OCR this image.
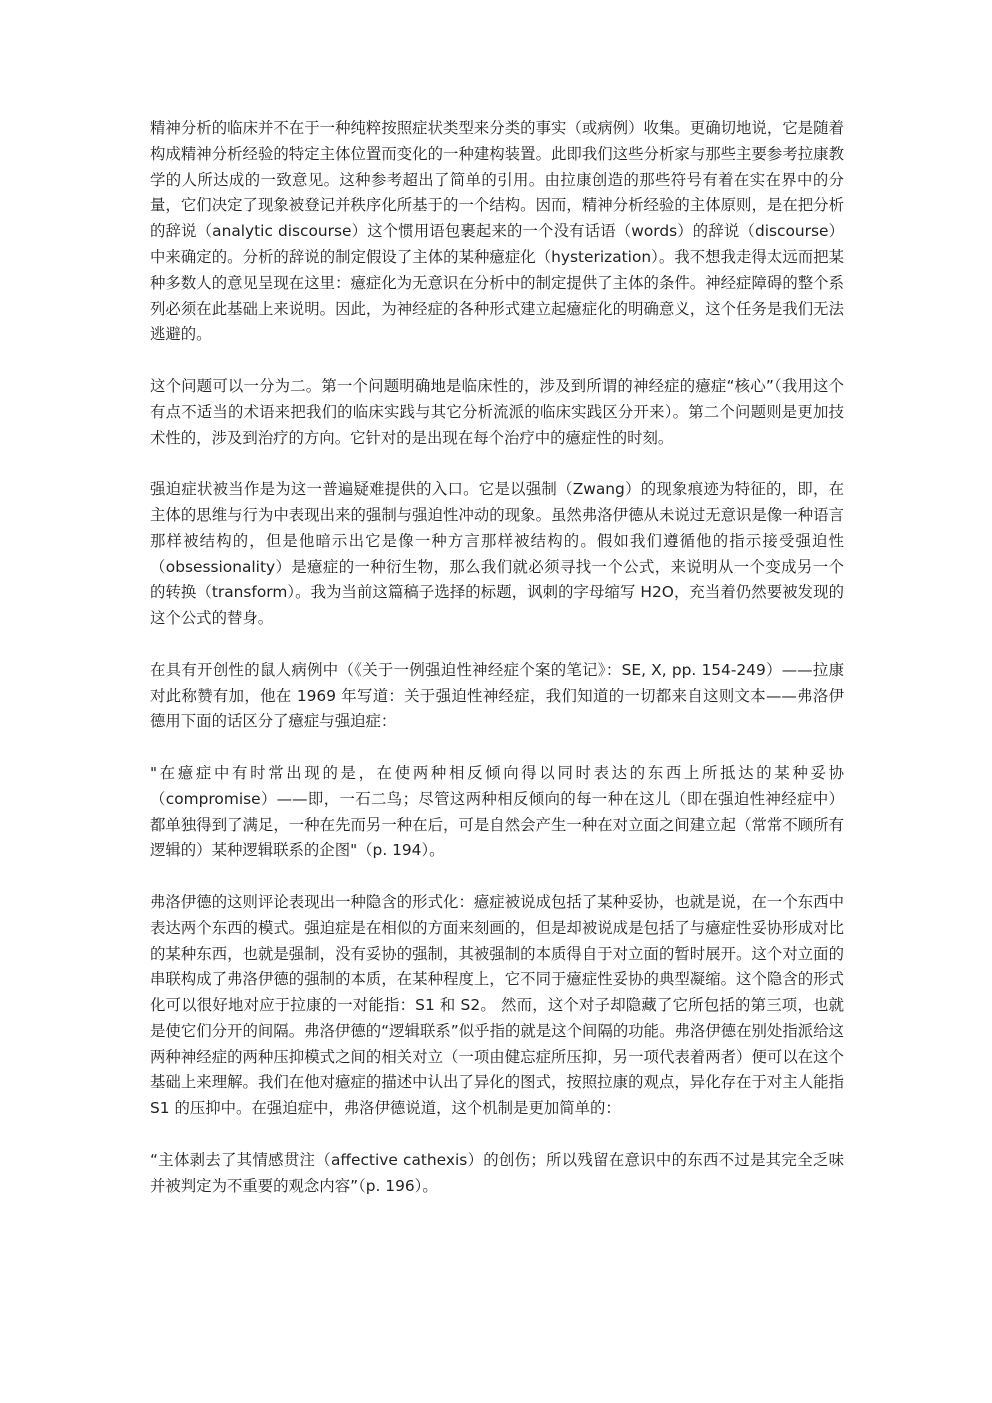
精神分析的临床并不在于一种纯粹按照症状类型来分类的事实（或病例）收集。更确切地说，它是随着构成精神分析经验的特定主体位置而变化的一种建构装置。此即我们这些分析家与那些主要参考拉康教学的人所达成的一致意见。这种参考超出了简单的引用。由拉康创造的那些符号有着在实在界中的分量，它们决定了现象被登记并秩序化所基于的一个结构。因而，精神分析经验的主体原则，是在把分析的辞说（analytic discourse）这个惯用语包裹起来的一个没有话语（words）的辞说（discourse）中来确定的。分析的辞说的制定假设了主体的某种癔症化（hysterization）。我不想我走得太远而把某种多数人的意见呈现在这里：癔症化为无意识在分析中的制定提供了主体的条件。神经症障碍的整个系列必须在此基础上来说明。因此，为神经症的各种形式建立起癔症化的明确意义，这个任务是我们无法逃避的。

这个问题可以一分为二。第一个问题明确地是临床性的，涉及到所谓的神经症的癔症“核心”（我用这个有点不适当的术语来把我们的临床实践与其它分析流派的临床实践区分开来）。第二个问题则是更加技术性的，涉及到治疗的方向。它针对的是出现在每个治疗中的癔症性的时刻。

强迫症状被当作是为这一普遍疑难提供的入口。它是以强制（Zwang）的现象痕迹为特征的，即，在主体的思维与行为中表现出来的强制与强迫性冲动的现象。虽然弗洛伊德从未说过无意识是像一种语言那样被结构的，但是他暗示出它是像一种方言那样被结构的。假如我们遵循他的指示接受强迫性（obsessionality）是癔症的一种衍生物，那么我们就必须寻找一个公式，来说明从一个变成另一个的转换（transform）。我为当前这篇稿子选择的标题，讽刺的字母缩写 H2O，充当着仍然要被发现的这个公式的替身。

在具有开创性的鼠人病例中（《关于一例强迫性神经症个案的笔记》：SE, X, pp. 154-249）——拉康对此称赞有加，他在 1969 年写道：关于强迫性神经症，我们知道的一切都来自这则文本——弗洛伊德用下面的话区分了癔症与强迫症：

"在癔症中有时常出现的是，在使两种相反倾向得以同时表达的东西上所抵达的某种妥协（compromise）——即，一石二鸟；尽管这两种相反倾向的每一种在这儿（即在强迫性神经症中）都单独得到了满足，一种在先而另一种在后，可是自然会产生一种在对立面之间建立起（常常不顾所有逻辑的）某种逻辑联系的企图"（p. 194）。

弗洛伊德的这则评论表现出一种隐含的形式化：癔症被说成包括了某种妥协，也就是说，在一个东西中表达两个东西的模式。强迫症是在相似的方面来刻画的，但是却被说成是包括了与癔症性妥协形成对比的某种东西，也就是强制，没有妥协的强制，其被强制的本质得自于对立面的暂时展开。这个对立面的串联构成了弗洛伊德的强制的本质，在某种程度上，它不同于癔症性妥协的典型凝缩。这个隐含的形式化可以很好地对应于拉康的一对能指：S1 和 S2。 然而，这个对子却隐藏了它所包括的第三项，也就是使它们分开的间隔。弗洛伊德的“逻辑联系”似乎指的就是这个间隔的功能。弗洛伊德在别处指派给这两种神经症的两种压抑模式之间的相关对立（一项由健忘症所压抑，另一项代表着两者）便可以在这个基础上来理解。我们在他对癔症的描述中认出了异化的图式，按照拉康的观点，异化存在于对主人能指 S1 的压抑中。在强迫症中，弗洛伊德说道，这个机制是更加简单的：

“主体剥去了其情感贯注（affective cathexis）的创伤；所以残留在意识中的东西不过是其完全乏味并被判定为不重要的观念内容”（p. 196）。
